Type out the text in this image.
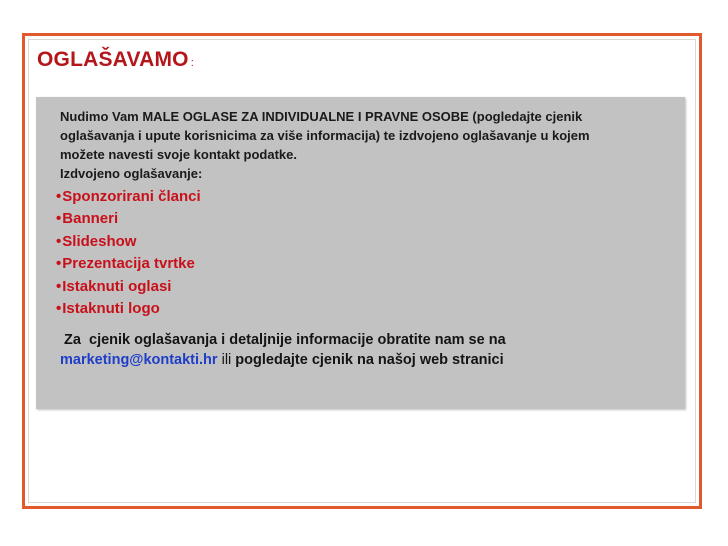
OGLAŠAVAMO :
Nudimo Vam MALE OGLASE ZA INDIVIDUALNE I PRAVNE OSOBE (pogledajte cjenik
oglašavanja i upute korisnicima za više informacija) te izdvojeno oglašavanje u kojem
možete navesti svoje kontakt podatke.
Izdvojeno oglašavanje:
•Sponzorirani članci
•Banneri
•Slideshow
•Prezentacija tvrtke
•Istaknuti oglasi
•Istaknuti logo
Za  cjenik oglašavanja i detaljnije informacije obratite nam se na
marketing@kontakti.hr ili pogledajte cjenik na našoj web stranici
